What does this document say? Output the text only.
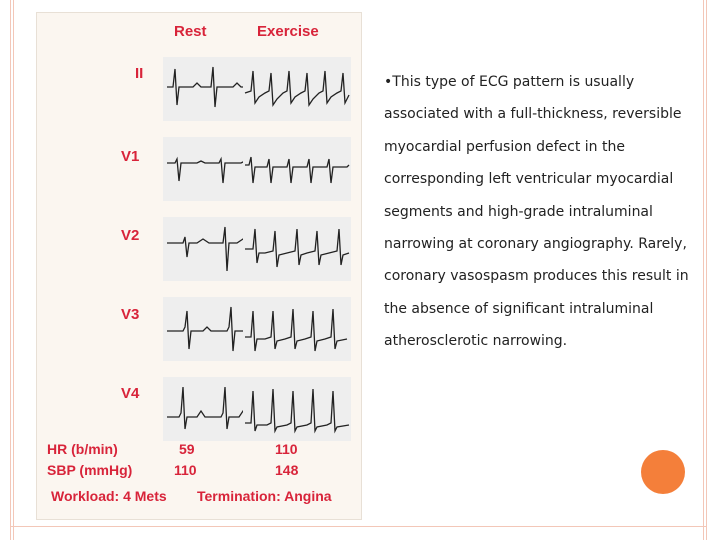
Rest	Exercise
II
V1
V2
V3
V4
HR (b/min)	59	110
SBP (mmHg)	110	148
Workload: 4 Mets Termination: Angina
•This type of ECG pattern is usually associated with a full-thickness, reversible myocardial perfusion defect in the corresponding left ventricular myocardial segments and high-grade intraluminal narrowing at coronary angiography. Rarely, coronary vasospasm produces this result in the absence of significant intraluminal atherosclerotic narrowing.
